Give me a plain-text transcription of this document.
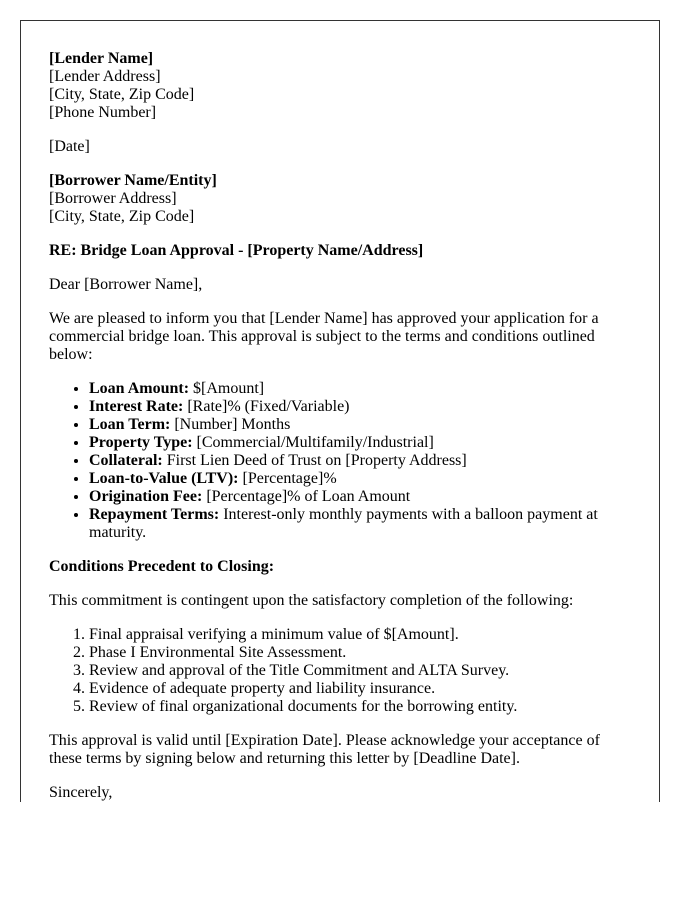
[Lender Name]
[Lender Address]
[City, State, Zip Code]
[Phone Number]

[Date]

[Borrower Name/Entity]
[Borrower Address]
[City, State, Zip Code]

RE: Bridge Loan Approval - [Property Name/Address]

Dear [Borrower Name],

We are pleased to inform you that [Lender Name] has approved your application for a commercial bridge loan. This approval is subject to the terms and conditions outlined below:

• Loan Amount: $[Amount]
• Interest Rate: [Rate]% (Fixed/Variable)
• Loan Term: [Number] Months
• Property Type: [Commercial/Multifamily/Industrial]
• Collateral: First Lien Deed of Trust on [Property Address]
• Loan-to-Value (LTV): [Percentage]%
• Origination Fee: [Percentage]% of Loan Amount
• Repayment Terms: Interest-only monthly payments with a balloon payment at maturity.

Conditions Precedent to Closing:

This commitment is contingent upon the satisfactory completion of the following:

1. Final appraisal verifying a minimum value of $[Amount].
2. Phase I Environmental Site Assessment.
3. Review and approval of the Title Commitment and ALTA Survey.
4. Evidence of adequate property and liability insurance.
5. Review of final organizational documents for the borrowing entity.

This approval is valid until [Expiration Date]. Please acknowledge your acceptance of these terms by signing below and returning this letter by [Deadline Date].

Sincerely,
